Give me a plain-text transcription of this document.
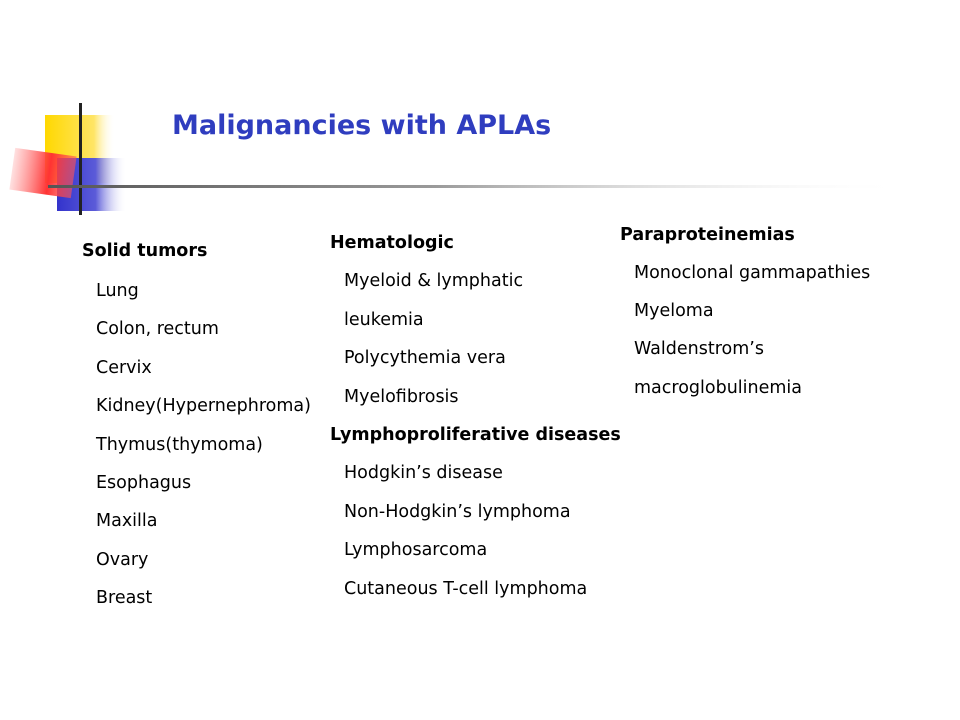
Malignancies with APLAs
Solid tumors
Lung
Colon, rectum
Cervix
Kidney(Hypernephroma)
Thymus(thymoma)
Esophagus
Maxilla
Ovary
Breast
Hematologic
Myeloid & lymphatic
leukemia
Polycythemia vera
Myelofibrosis
Lymphoproliferative diseases
Hodgkin’s disease
Non-Hodgkin’s lymphoma
Lymphosarcoma
Cutaneous T-cell lymphoma
Paraproteinemias
Monoclonal gammapathies
Myeloma
Waldenstrom’s
macroglobulinemia
